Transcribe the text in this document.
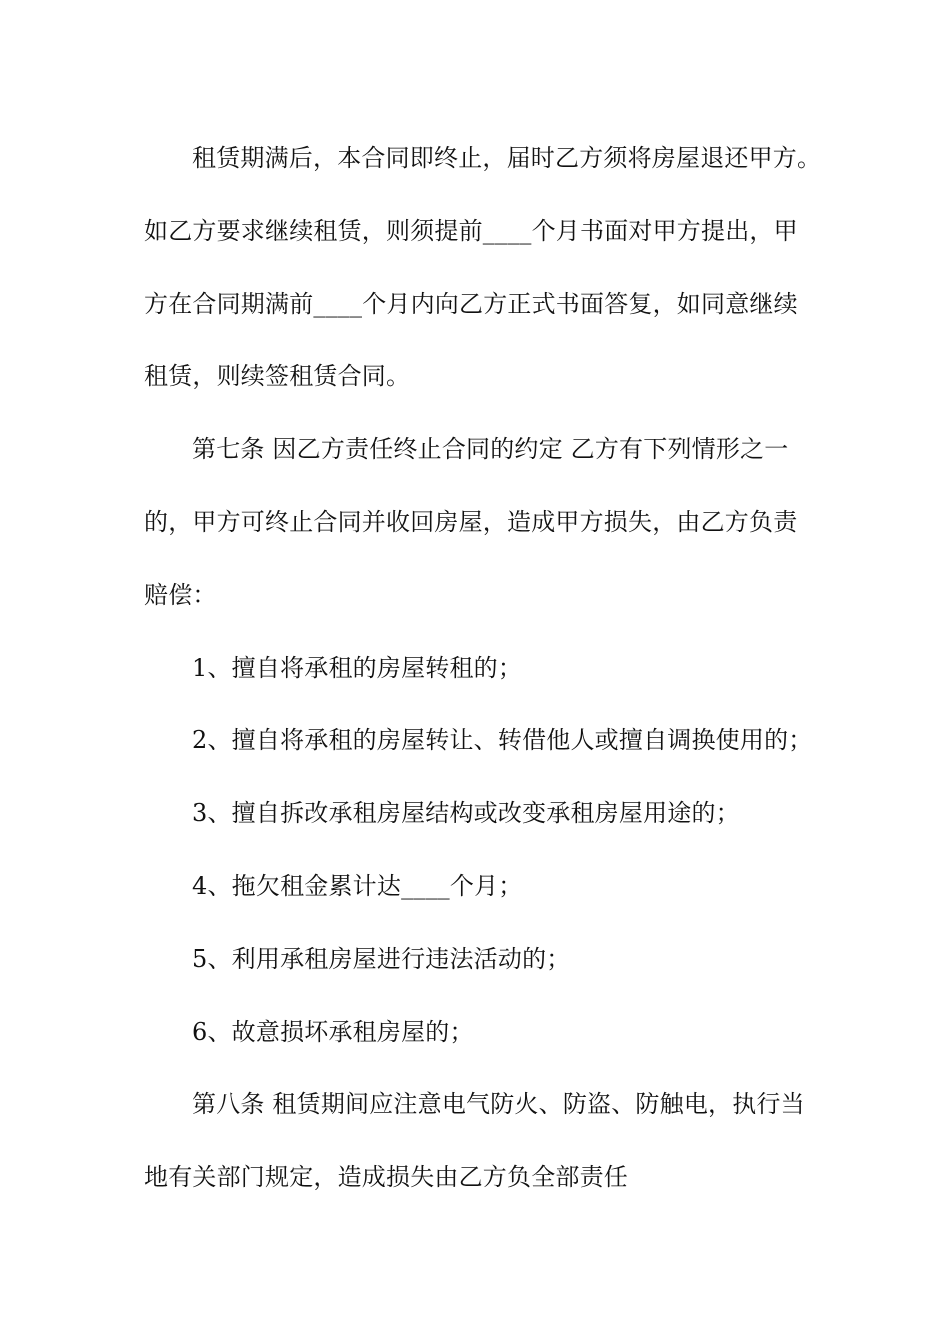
租赁期满后，本合同即终止，届时乙方须将房屋退还甲方。
如乙方要求继续租赁，则须提前____个月书面对甲方提出，甲
方在合同期满前____个月内向乙方正式书面答复，如同意继续
租赁，则续签租赁合同。
第七条 因乙方责任终止合同的约定 乙方有下列情形之一
的，甲方可终止合同并收回房屋，造成甲方损失，由乙方负责
赔偿：
1、擅自将承租的房屋转租的；
2、擅自将承租的房屋转让、转借他人或擅自调换使用的；
3、擅自拆改承租房屋结构或改变承租房屋用途的；
4、拖欠租金累计达____个月；
5、利用承租房屋进行违法活动的；
6、故意损坏承租房屋的；
第八条 租赁期间应注意电气防火、防盗、防触电，执行当
地有关部门规定，造成损失由乙方负全部责任
